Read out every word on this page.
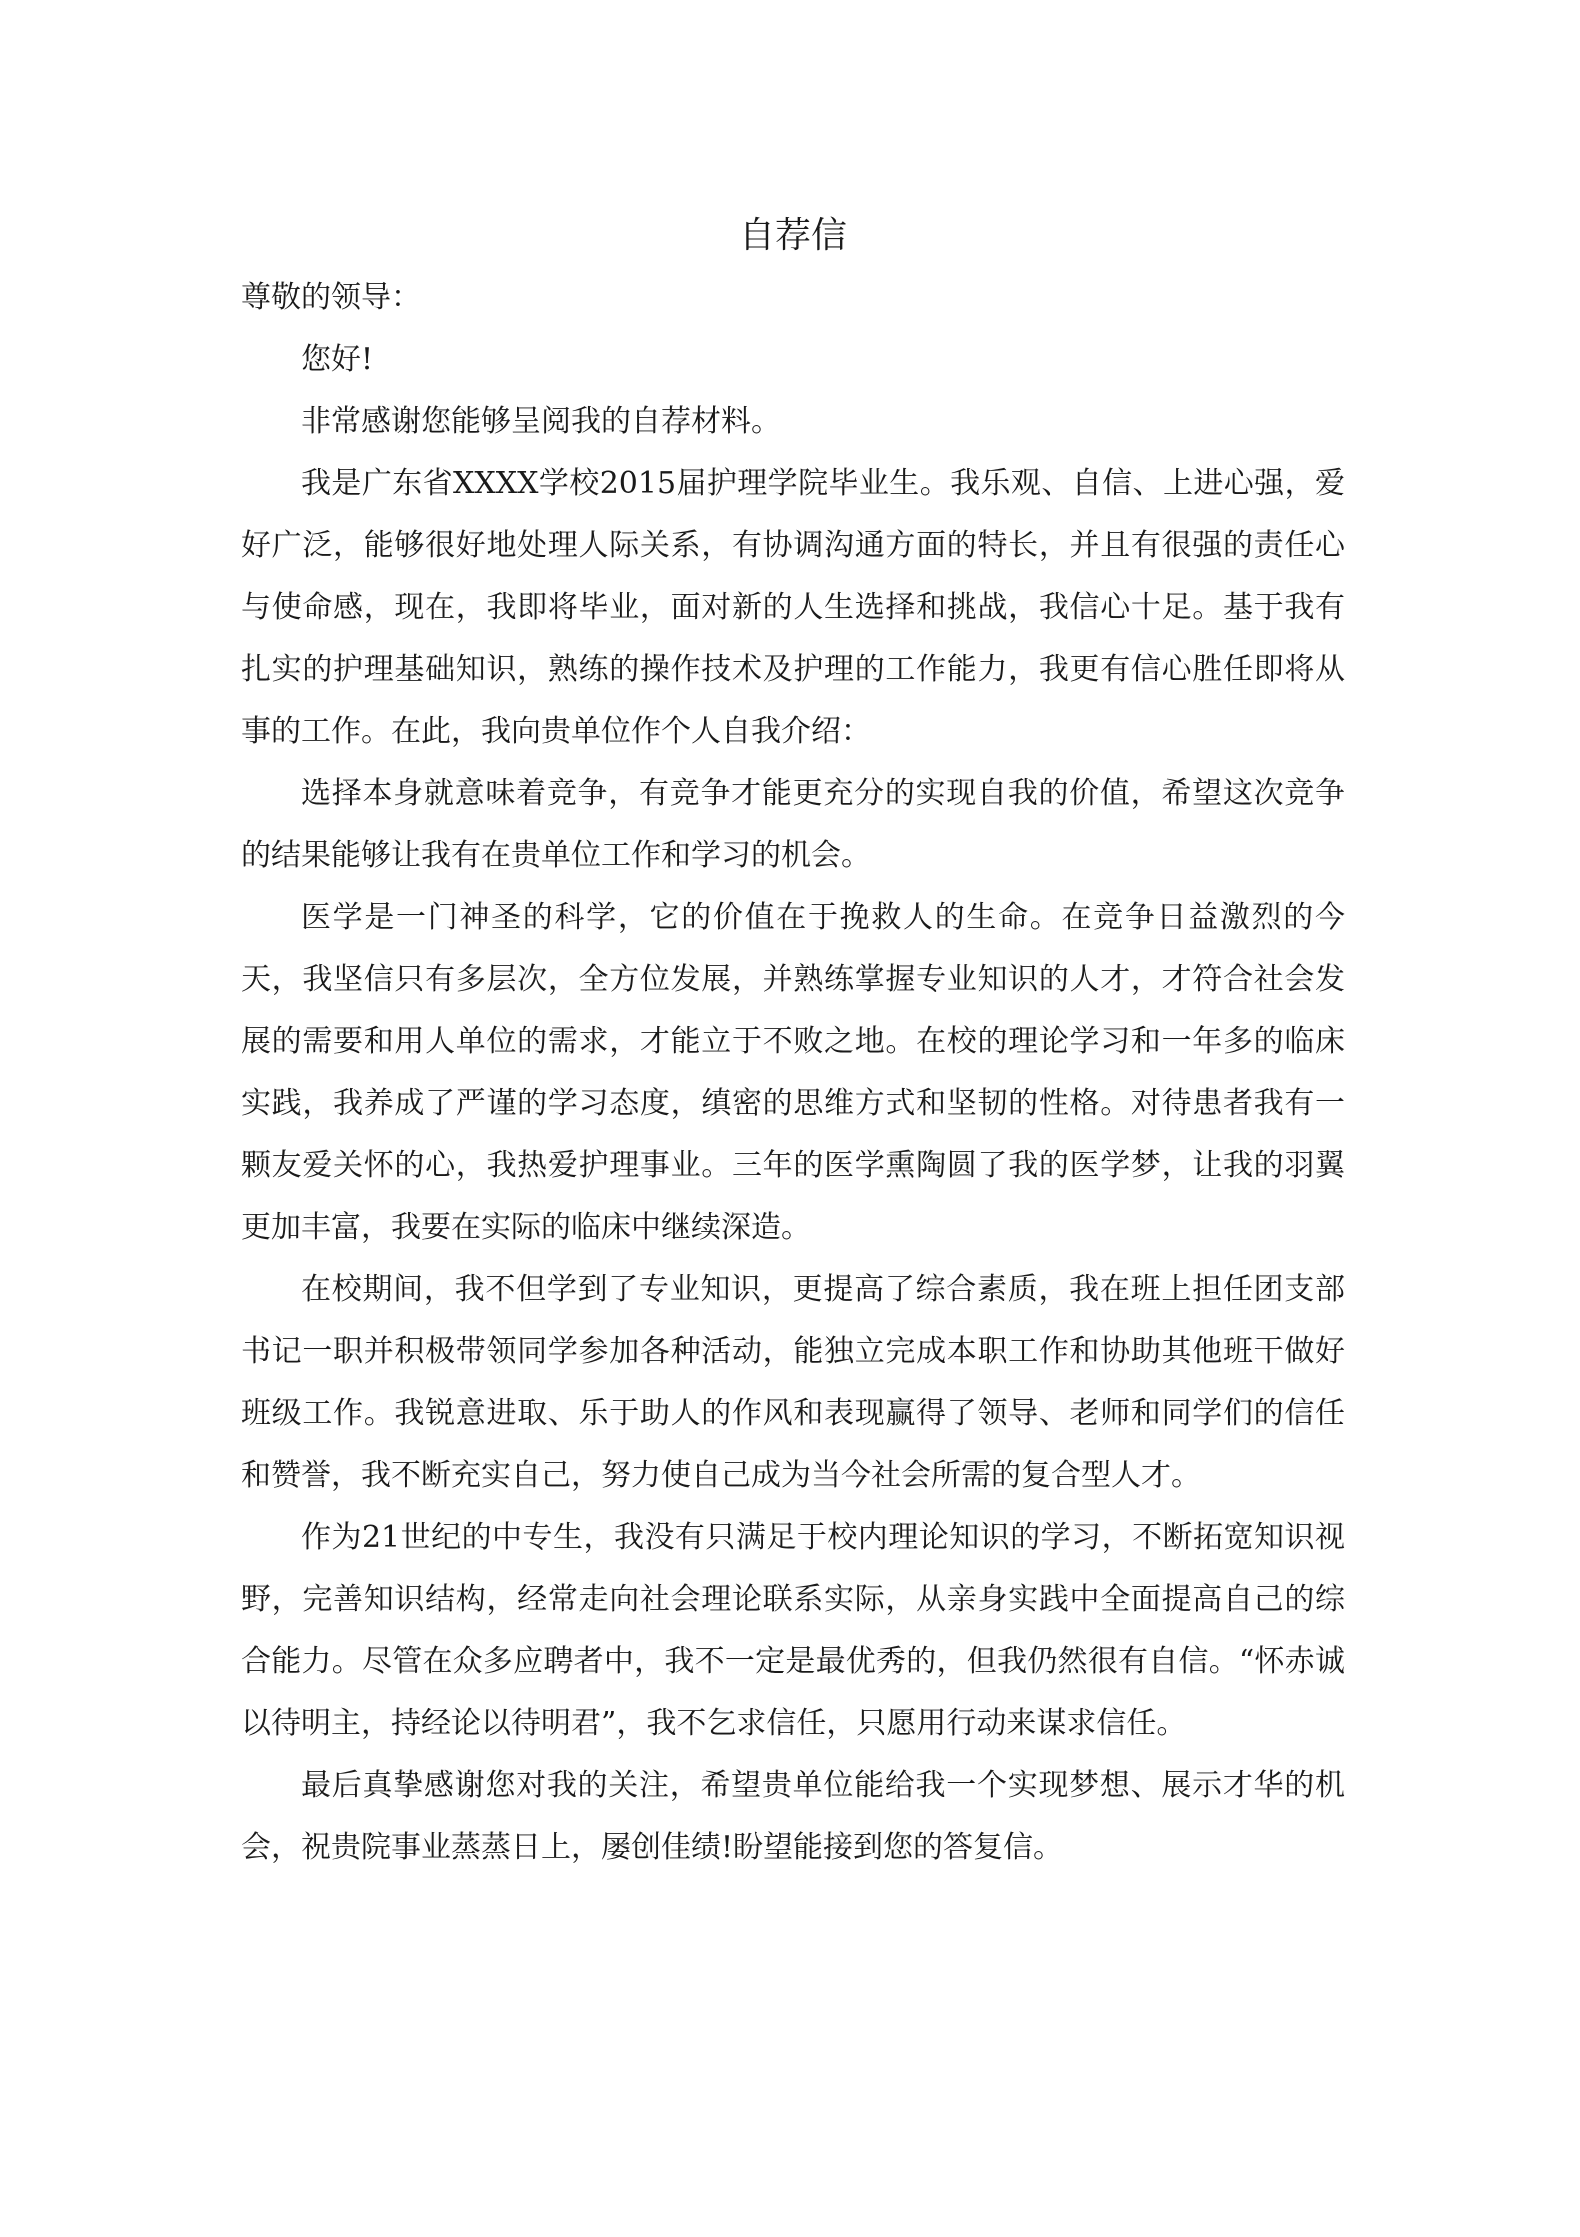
自荐信

尊敬的领导：

您好!

非常感谢您能够呈阅我的自荐材料。

我是广东省XXXX学校2015届护理学院毕业生。我乐观、自信、上进心强，爱好广泛，能够很好地处理人际关系，有协调沟通方面的特长，并且有很强的责任心与使命感，现在，我即将毕业，面对新的人生选择和挑战，我信心十足。基于我有扎实的护理基础知识，熟练的操作技术及护理的工作能力，我更有信心胜任即将从事的工作。在此，我向贵单位作个人自我介绍：

选择本身就意味着竞争，有竞争才能更充分的实现自我的价值，希望这次竞争的结果能够让我有在贵单位工作和学习的机会。

医学是一门神圣的科学，它的价值在于挽救人的生命。在竞争日益激烈的今天，我坚信只有多层次，全方位发展，并熟练掌握专业知识的人才，才符合社会发展的需要和用人单位的需求，才能立于不败之地。在校的理论学习和一年多的临床实践，我养成了严谨的学习态度，缜密的思维方式和坚韧的性格。对待患者我有一颗友爱关怀的心，我热爱护理事业。三年的医学熏陶圆了我的医学梦，让我的羽翼更加丰富，我要在实际的临床中继续深造。

在校期间，我不但学到了专业知识，更提高了综合素质，我在班上担任团支部书记一职并积极带领同学参加各种活动，能独立完成本职工作和协助其他班干做好班级工作。我锐意进取、乐于助人的作风和表现赢得了领导、老师和同学们的信任和赞誉，我不断充实自己，努力使自己成为当今社会所需的复合型人才。

作为21世纪的中专生，我没有只满足于校内理论知识的学习，不断拓宽知识视野，完善知识结构，经常走向社会理论联系实际，从亲身实践中全面提高自己的综合能力。尽管在众多应聘者中，我不一定是最优秀的，但我仍然很有自信。“怀赤诚以待明主，持经论以待明君”，我不乞求信任，只愿用行动来谋求信任。

最后真挚感谢您对我的关注，希望贵单位能给我一个实现梦想、展示才华的机会，祝贵院事业蒸蒸日上，屡创佳绩!盼望能接到您的答复信。
